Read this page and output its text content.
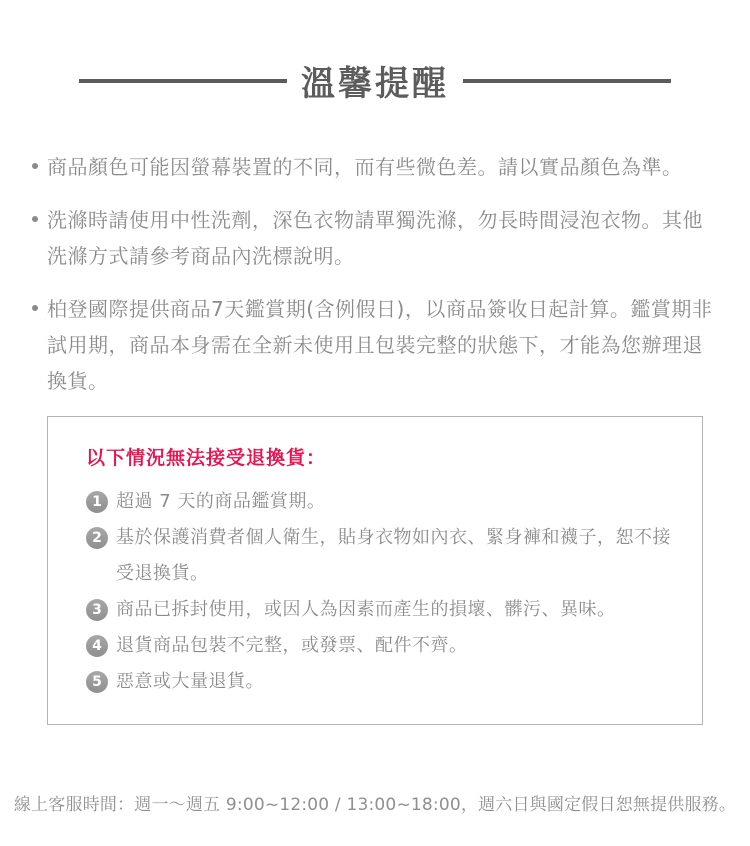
溫馨提醒

商品顏色可能因螢幕裝置的不同，而有些微色差。請以實品顏色為準。

洗滌時請使用中性洗劑，深色衣物請單獨洗滌，勿長時間浸泡衣物。其他洗滌方式請參考商品內洗標說明。

柏登國際提供商品7天鑑賞期(含例假日)，以商品簽收日起計算。鑑賞期非試用期，商品本身需在全新未使用且包裝完整的狀態下，才能為您辦理退換貨。

以下情況無法接受退換貨：
1 超過 7 天的商品鑑賞期。

2 基於保護消費者個人衛生，貼身衣物如內衣、緊身褲和襪子，恕不接受退換貨。

3 商品已拆封使用，或因人為因素而產生的損壞、髒污、異味。

4 退貨商品包裝不完整，或發票、配件不齊。

5 惡意或大量退貨。

線上客服時間：週一～週五 9:00~12:00 / 13:00~18:00，週六日與國定假日恕無提供服務。
